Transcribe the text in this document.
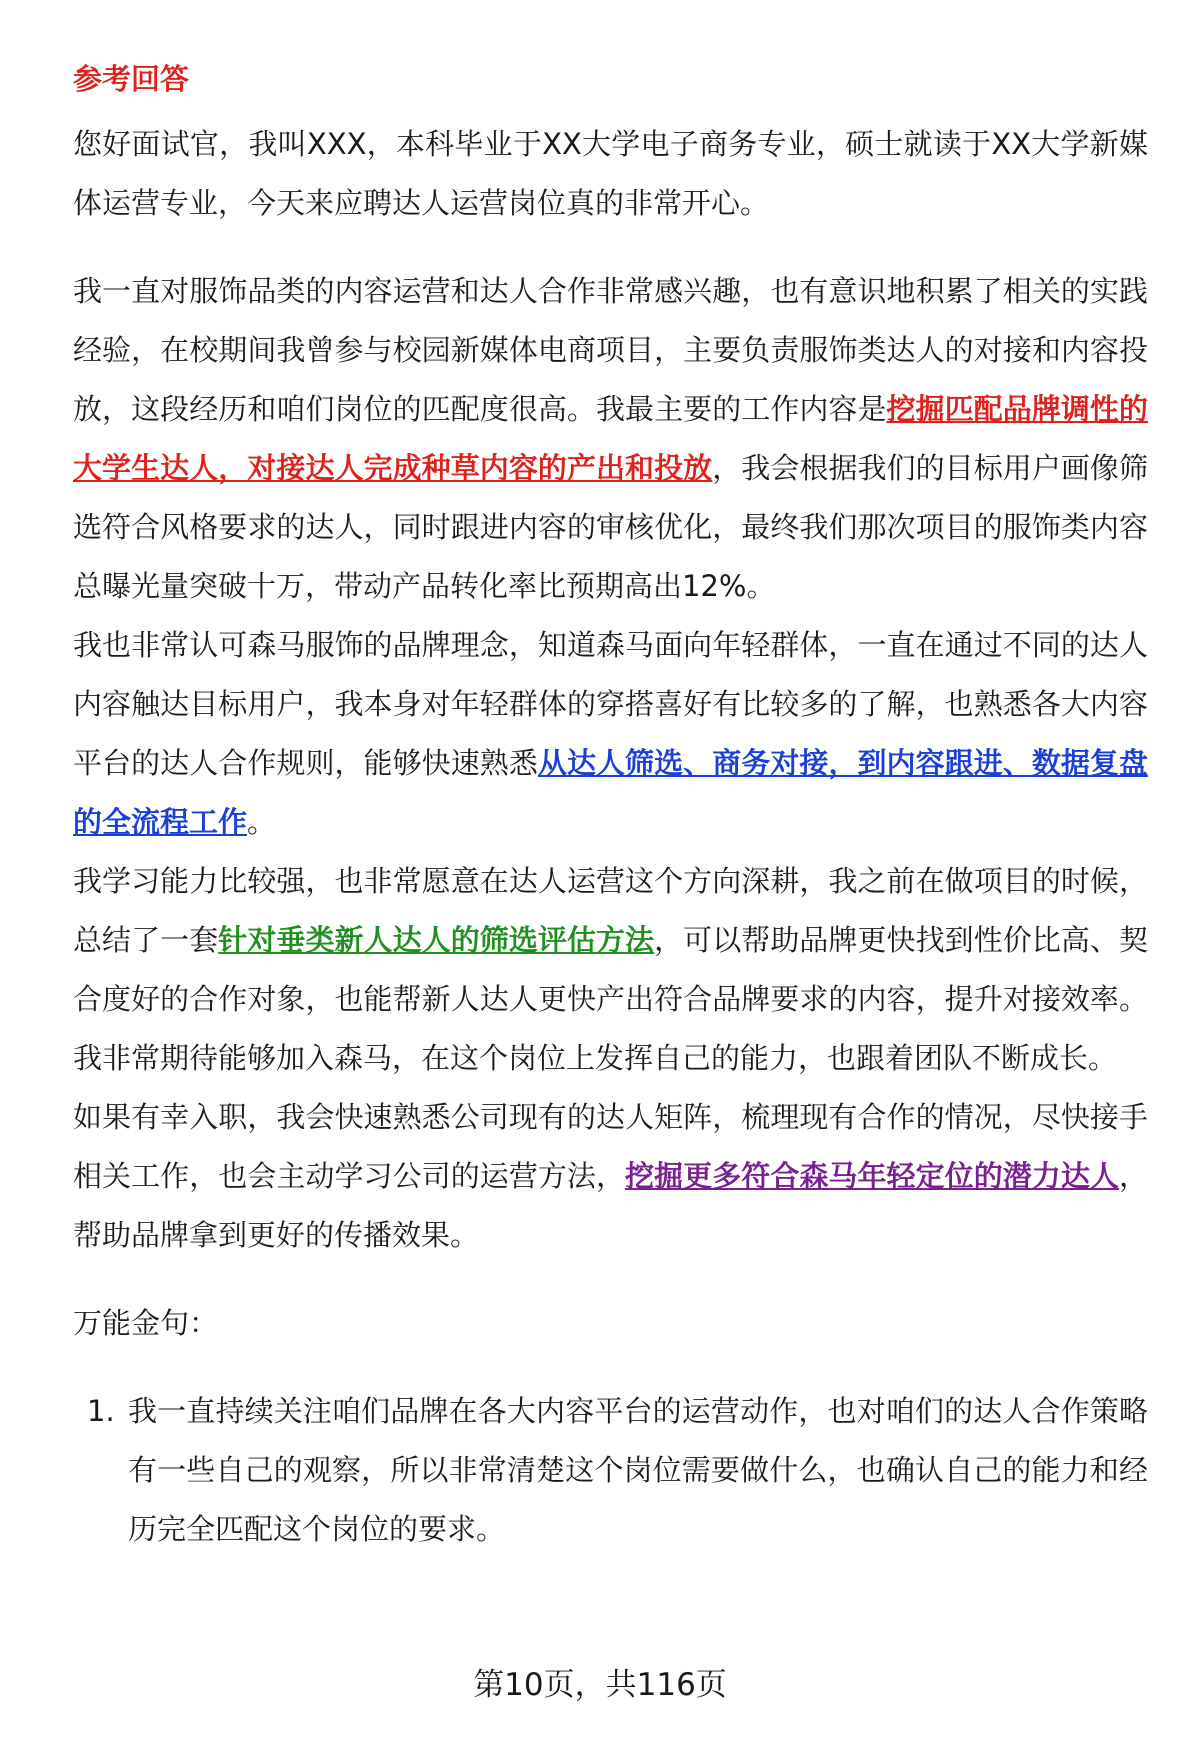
参考回答

您好面试官，我叫XXX，本科毕业于XX大学电子商务专业，硕士就读于XX大学新媒体运营专业，今天来应聘达人运营岗位真的非常开心。

我一直对服饰品类的内容运营和达人合作非常感兴趣，也有意识地积累了相关的实践经验，在校期间我曾参与校园新媒体电商项目，主要负责服饰类达人的对接和内容投放，这段经历和咱们岗位的匹配度很高。我最主要的工作内容是挖掘匹配品牌调性的大学生达人，对接达人完成种草内容的产出和投放，我会根据我们的目标用户画像筛选符合风格要求的达人，同时跟进内容的审核优化，最终我们那次项目的服饰类内容总曝光量突破十万，带动产品转化率比预期高出12%。

我也非常认可森马服饰的品牌理念，知道森马面向年轻群体，一直在通过不同的达人内容触达目标用户，我本身对年轻群体的穿搭喜好有比较多的了解，也熟悉各大内容平台的达人合作规则，能够快速熟悉从达人筛选、商务对接，到内容跟进、数据复盘的全流程工作。

我学习能力比较强，也非常愿意在达人运营这个方向深耕，我之前在做项目的时候，总结了一套针对垂类新人达人的筛选评估方法，可以帮助品牌更快找到性价比高、契合度好的合作对象，也能帮新人达人更快产出符合品牌要求的内容，提升对接效率。我非常期待能够加入森马，在这个岗位上发挥自己的能力，也跟着团队不断成长。

如果有幸入职，我会快速熟悉公司现有的达人矩阵，梳理现有合作的情况，尽快接手相关工作，也会主动学习公司的运营方法，挖掘更多符合森马年轻定位的潜力达人，帮助品牌拿到更好的传播效果。

万能金句：

1. 我一直持续关注咱们品牌在各大内容平台的运营动作，也对咱们的达人合作策略有一些自己的观察，所以非常清楚这个岗位需要做什么，也确认自己的能力和经历完全匹配这个岗位的要求。
第10页，共116页
